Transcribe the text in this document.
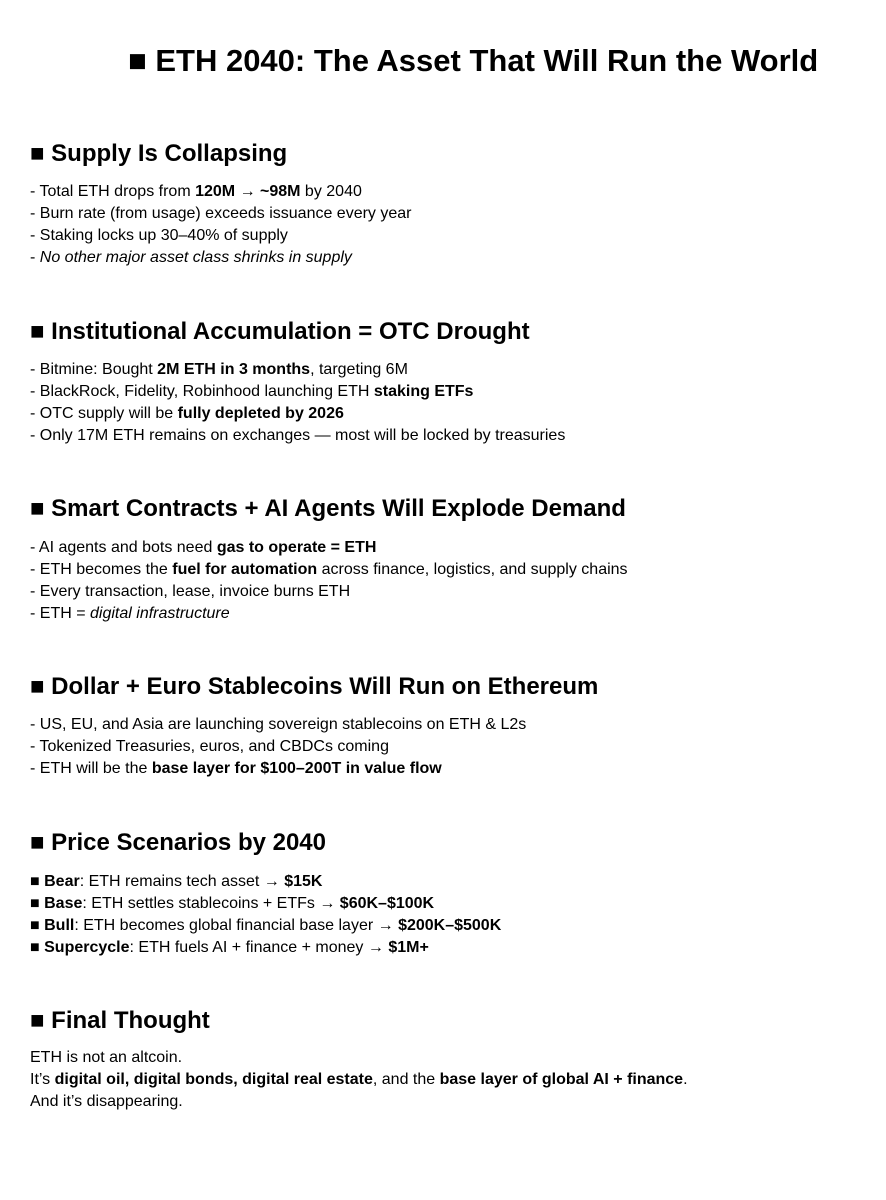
■ ETH 2040: The Asset That Will Run the World
■ Supply Is Collapsing
- Total ETH drops from 120M → ~98M by 2040
- Burn rate (from usage) exceeds issuance every year
- Staking locks up 30–40% of supply
- No other major asset class shrinks in supply
■ Institutional Accumulation = OTC Drought
- Bitmine: Bought 2M ETH in 3 months, targeting 6M
- BlackRock, Fidelity, Robinhood launching ETH staking ETFs
- OTC supply will be fully depleted by 2026
- Only 17M ETH remains on exchanges — most will be locked by treasuries
■ Smart Contracts + AI Agents Will Explode Demand
- AI agents and bots need gas to operate = ETH
- ETH becomes the fuel for automation across finance, logistics, and supply chains
- Every transaction, lease, invoice burns ETH
- ETH = digital infrastructure
■ Dollar + Euro Stablecoins Will Run on Ethereum
- US, EU, and Asia are launching sovereign stablecoins on ETH & L2s
- Tokenized Treasuries, euros, and CBDCs coming
- ETH will be the base layer for $100–200T in value flow
■ Price Scenarios by 2040
■ Bear: ETH remains tech asset → $15K
■ Base: ETH settles stablecoins + ETFs → $60K–$100K
■ Bull: ETH becomes global financial base layer → $200K–$500K
■ Supercycle: ETH fuels AI + finance + money → $1M+
■ Final Thought
ETH is not an altcoin.
It’s digital oil, digital bonds, digital real estate, and the base layer of global AI + finance.
And it’s disappearing.
